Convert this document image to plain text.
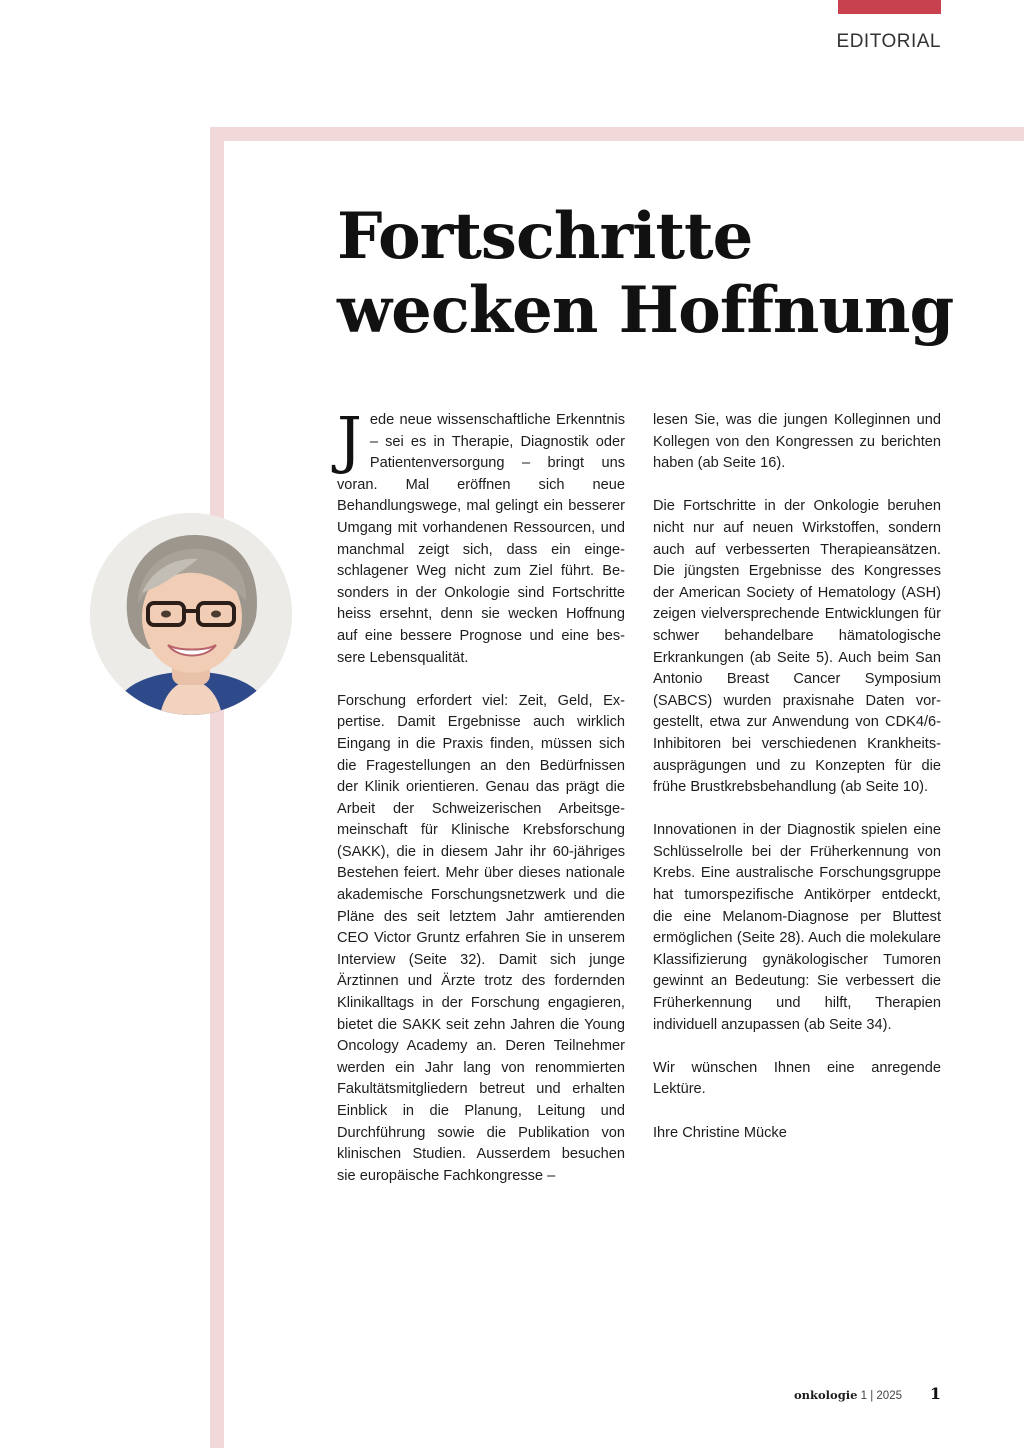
EDITORIAL
Fortschritte wecken Hoffnung

Jede neue wissenschaftliche Erkenntnis – sei es in Therapie, Diagnostik oder Patientenversorgung – bringt uns voran. Mal eröffnen sich neue Behandlungswege, mal gelingt ein besserer Umgang mit vorhandenen Ressourcen, und manchmal zeigt sich, dass ein eingeschlagener Weg nicht zum Ziel führt. Besonders in der Onkologie sind Fortschritte heiss ersehnt, denn sie wecken Hoffnung auf eine bessere Prognose und eine bessere Lebensqualität.

Forschung erfordert viel: Zeit, Geld, Expertise. Damit Ergebnisse auch wirklich Eingang in die Praxis finden, müssen sich die Fragestellungen an den Bedürfnissen der Klinik orientieren. Genau das prägt die Arbeit der Schweizerischen Arbeitsgemeinschaft für Klinische Krebsforschung (SAKK), die in diesem Jahr ihr 60-jähriges Bestehen feiert. Mehr über dieses nationale akademische Forschungsnetzwerk und die Pläne des seit letztem Jahr amtierenden CEO Victor Gruntz erfahren Sie in unserem Interview (Seite 32). Damit sich junge Ärztinnen und Ärzte trotz des fordernden Klinikalltags in der Forschung engagieren, bietet die SAKK seit zehn Jahren die Young Oncology Academy an. Deren Teilnehmer werden ein Jahr lang von renommierten Fakultätsmitgliedern betreut und erhalten Einblick in die Planung, Leitung und Durchführung sowie die Publikation von klinischen Studien. Ausserdem besuchen sie europäische Fachkongresse –

lesen Sie, was die jungen Kolleginnen und Kollegen von den Kongressen zu berichten haben (ab Seite 16).

Die Fortschritte in der Onkologie beruhen nicht nur auf neuen Wirkstoffen, sondern auch auf verbesserten Therapieansätzen. Die jüngsten Ergebnisse des Kongresses der American Society of Hematology (ASH) zeigen vielversprechende Entwicklungen für schwer behandelbare hämatologische Erkrankungen (ab Seite 5). Auch beim San Antonio Breast Cancer Symposium (SABCS) wurden praxisnahe Daten vorgestellt, etwa zur Anwendung von CDK4/6-Inhibitoren bei verschiedenen Krankheitsausprägungen und zu Konzepten für die frühe Brustkrebsbehandlung (ab Seite 10).

Innovationen in der Diagnostik spielen eine Schlüsselrolle bei der Früherkennung von Krebs. Eine australische Forschungsgruppe hat tumorspezifische Antikörper entdeckt, die eine Melanom-Diagnose per Bluttest ermöglichen (Seite 28). Auch die molekulare Klassifizierung gynäkologischer Tumoren gewinnt an Bedeutung: Sie verbessert die Früherkennung und hilft, Therapien individuell anzupassen (ab Seite 34).

Wir wünschen Ihnen eine anregende Lektüre.

Ihre Christine Mücke

onkologie 1 | 2025 1
